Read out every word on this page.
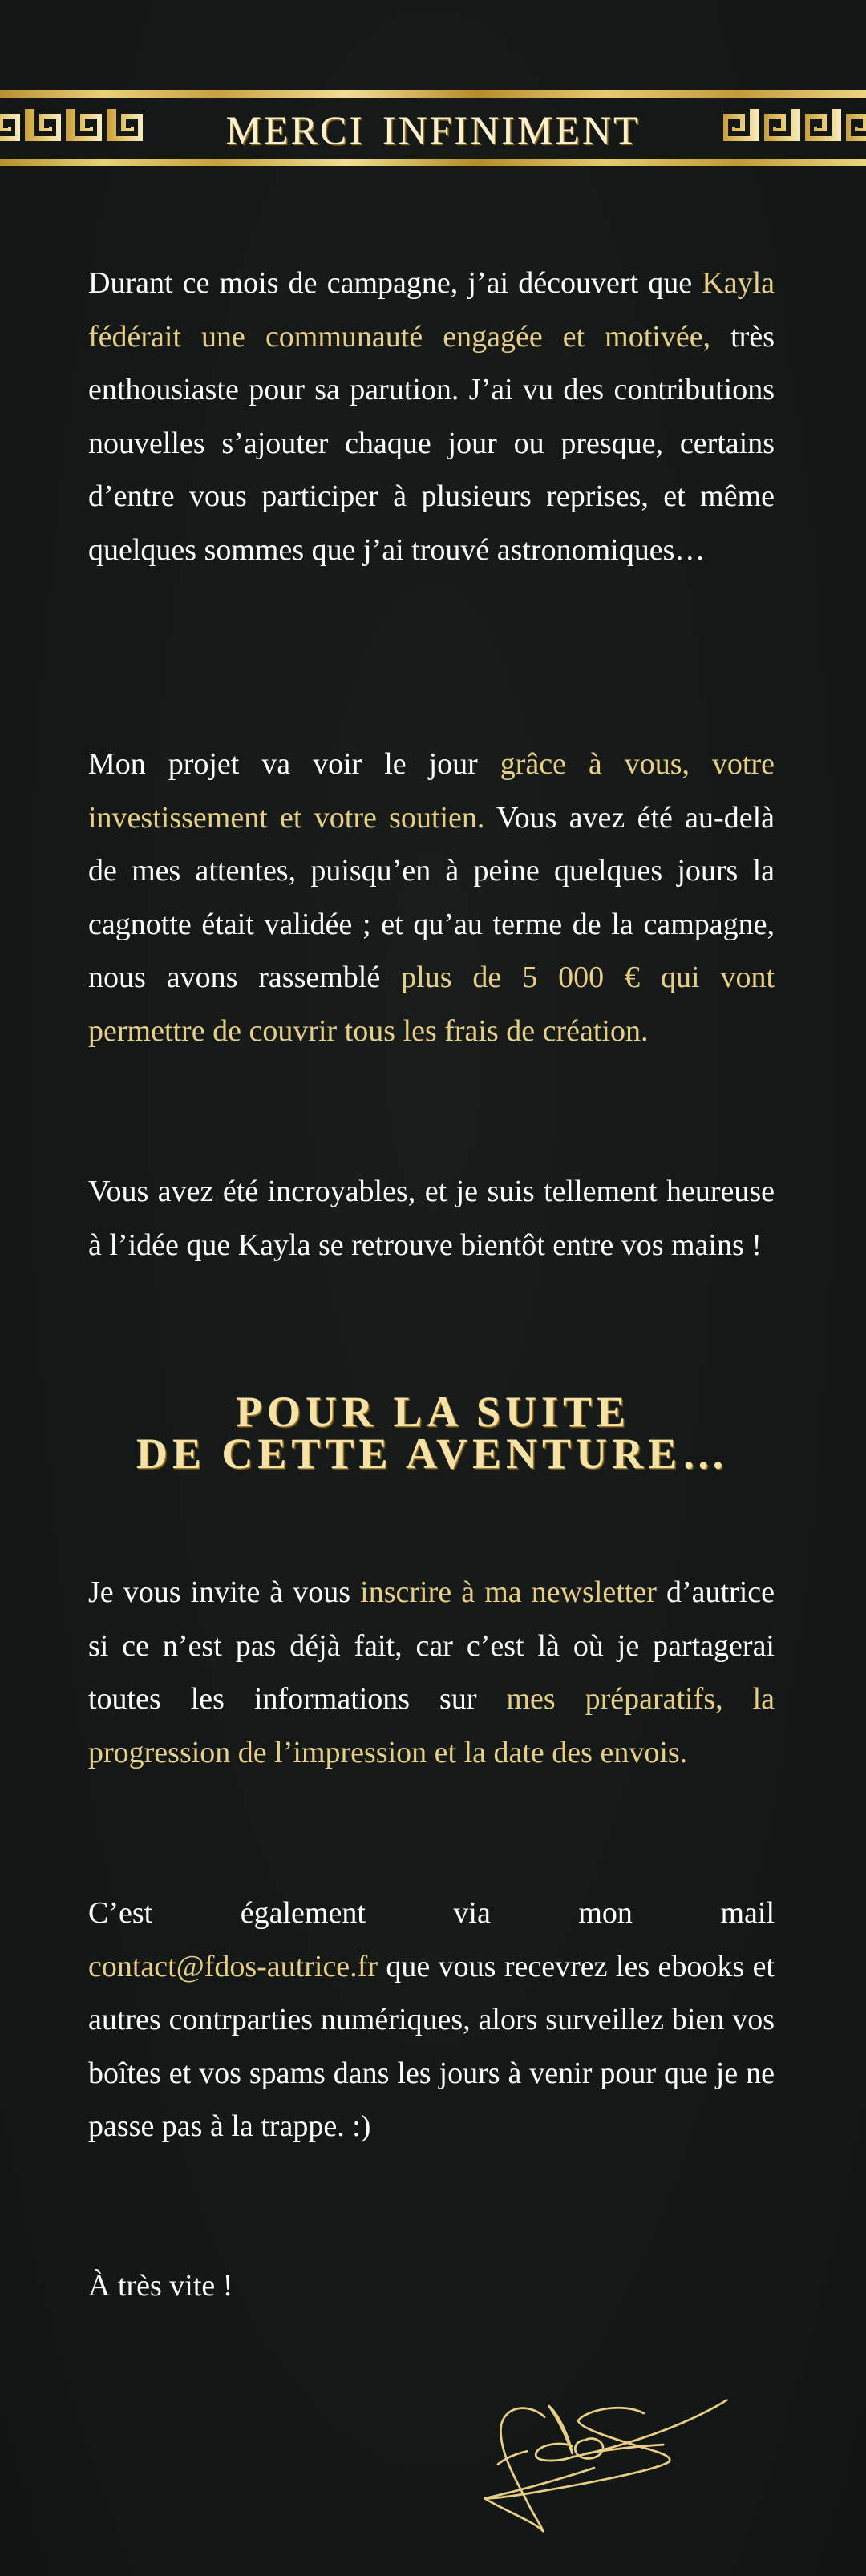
MERCI INFINIMENT

Durant ce mois de campagne, j’ai découvert que Kayla fédérait une communauté engagée et motivée, très enthousiaste pour sa parution. J’ai vu des contributions nouvelles s’ajouter chaque jour ou presque, certains d’entre vous participer à plusieurs reprises, et même quelques sommes que j’ai trouvé astronomiques…

Mon projet va voir le jour grâce à vous, votre investissement et votre soutien. Vous avez été au-delà de mes attentes, puisqu’en à peine quelques jours la cagnotte était validée ; et qu’au terme de la campagne, nous avons rassemblé plus de 5 000 € qui vont permettre de couvrir tous les frais de création.

Vous avez été incroyables, et je suis tellement heureuse à l’idée que Kayla se retrouve bientôt entre vos mains !

POUR LA SUITE
DE CETTE AVENTURE…

Je vous invite à vous inscrire à ma newsletter d’autrice si ce n’est pas déjà fait, car c’est là où je partagerai toutes les informations sur mes préparatifs, la progression de l’impression et la date des envois.

C’est également via mon mail
contact@fdos-autrice.fr que vous recevrez les ebooks et autres contrparties numériques, alors surveillez bien vos boîtes et vos spams dans les jours à venir pour que je ne passe pas à la trappe. :)

À très vite !
